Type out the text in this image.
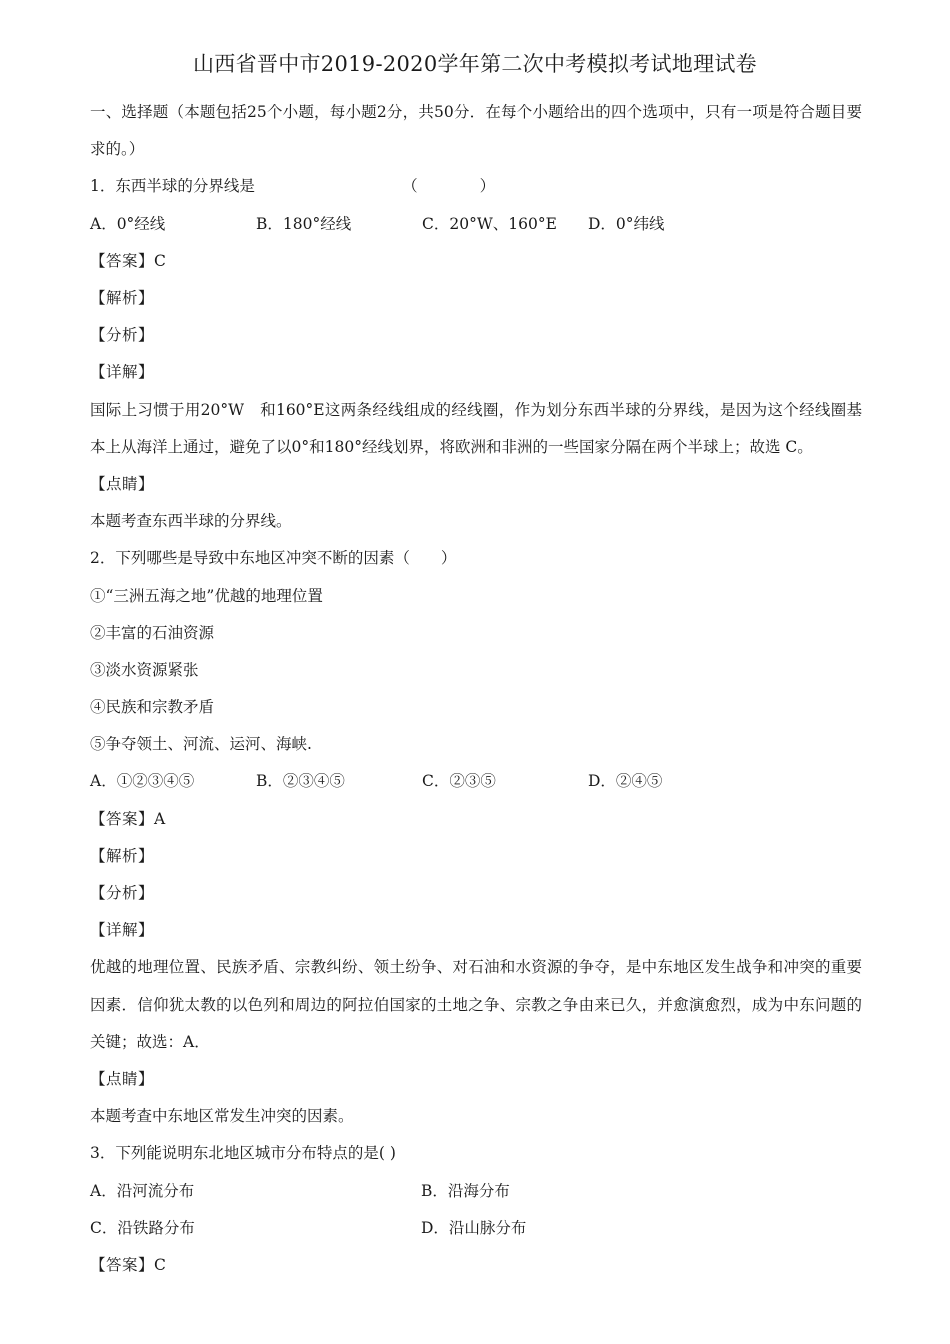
山西省晋中市2019-2020学年第二次中考模拟考试地理试卷
一、选择题（本题包括25个小题，每小题2分，共50分．在每个小题给出的四个选项中，只有一项是符合题目要求的。）
1．东西半球的分界线是　　　　　　　　　　（　　　　）
A．0°经线	B．180°经线	C．20°W、160°E	D．0°纬线
【答案】C
【解析】
【分析】
【详解】
国际上习惯于用20°W　和160°E这两条经线组成的经线圈，作为划分东西半球的分界线，是因为这个经线圈基本上从海洋上通过，避免了以0°和180°经线划界，将欧洲和非洲的一些国家分隔在两个半球上；故选 C。
【点睛】
本题考查东西半球的分界线。
2．下列哪些是导致中东地区冲突不断的因素（　　）
①“三洲五海之地”优越的地理位置
②丰富的石油资源
③淡水资源紧张
④民族和宗教矛盾
⑤争夺领土、河流、运河、海峡.
A．①②③④⑤	B．②③④⑤	C．②③⑤	D．②④⑤
【答案】A
【解析】
【分析】
【详解】
优越的地理位置、民族矛盾、宗教纠纷、领土纷争、对石油和水资源的争夺，是中东地区发生战争和冲突的重要因素．信仰犹太教的以色列和周边的阿拉伯国家的土地之争、宗教之争由来已久，并愈演愈烈，成为中东问题的关键；故选：A．
【点睛】
本题考查中东地区常发生冲突的因素。
3．下列能说明东北地区城市分布特点的是( )
A．沿河流分布	B．沿海分布
C．沿铁路分布	D．沿山脉分布
【答案】C
